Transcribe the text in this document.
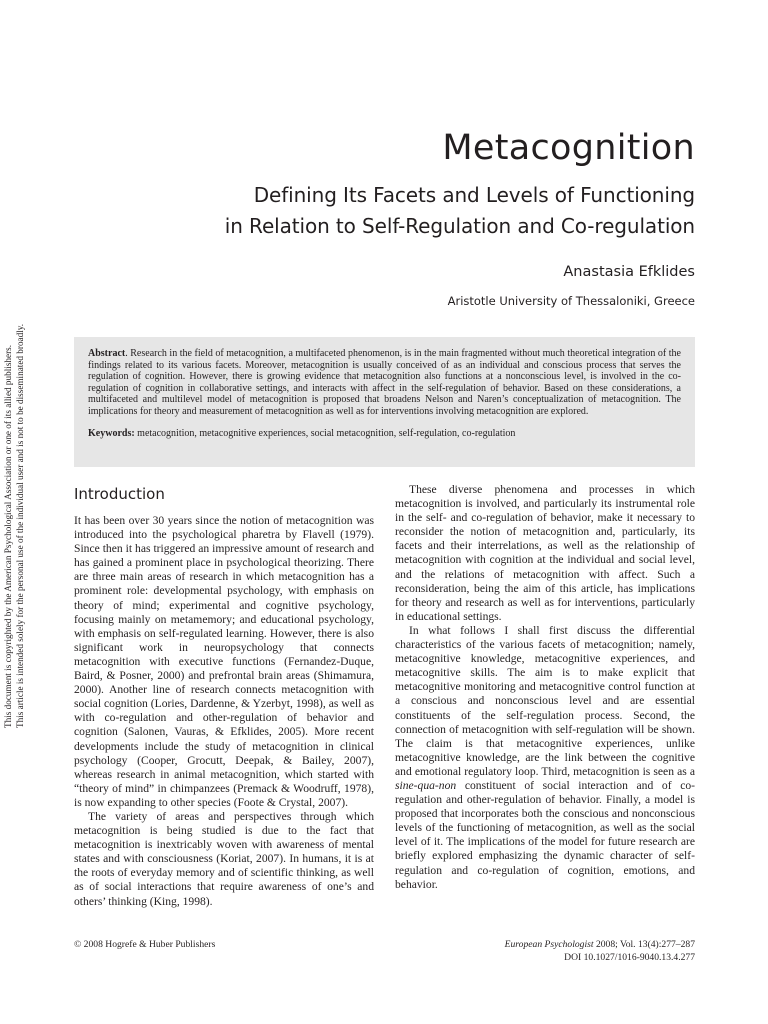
This document is copyrighted by the American Psychological Association or one of its allied publishers. This article is intended solely for the personal use of the individual user and is not to be disseminated broadly.
Metacognition
Defining Its Facets and Levels of Functioning
in Relation to Self-Regulation and Co-regulation
Anastasia Efklides
Aristotle University of Thessaloniki, Greece

Abstract. Research in the field of metacognition, a multifaceted phenomenon, is in the main fragmented without much theoretical integration of the findings related to its various facets. Moreover, metacognition is usually conceived of as an individual and conscious process that serves the regulation of cognition. However, there is growing evidence that metacognition also functions at a nonconscious level, is involved in the co-regulation of cognition in collaborative settings, and interacts with affect in the self-regulation of behavior. Based on these considerations, a multifaceted and multilevel model of metacognition is proposed that broadens Nelson and Naren’s conceptualization of metacognition. The implications for theory and measurement of metacognition as well as for interventions involving metacognition are explored.

Keywords: metacognition, metacognitive experiences, social metacognition, self-regulation, co-regulation

Introduction

It has been over 30 years since the notion of metacognition was introduced into the psychological pharetra by Flavell (1979). Since then it has triggered an impressive amount of research and has gained a prominent place in psychological theorizing. There are three main areas of research in which metacognition has a prominent role: developmental psychology, with emphasis on theory of mind; experimental and cognitive psychology, focusing mainly on metamemory; and educational psychology, with emphasis on self-regulated learning. However, there is also significant work in neuropsychology that connects metacognition with executive functions (Fernandez-Duque, Baird, & Posner, 2000) and prefrontal brain areas (Shimamura, 2000). Another line of research connects metacognition with social cognition (Lories, Dardenne, & Yzerbyt, 1998), as well as with co-regulation and other-regulation of behavior and cognition (Salonen, Vauras, & Efklides, 2005). More recent developments include the study of metacognition in clinical psychology (Cooper, Grocutt, Deepak, & Bailey, 2007), whereas research in animal metacognition, which started with “theory of mind” in chimpanzees (Premack & Woodruff, 1978), is now expanding to other species (Foote & Crystal, 2007).

The variety of areas and perspectives through which metacognition is being studied is due to the fact that metacognition is inextricably woven with awareness of mental states and with consciousness (Koriat, 2007). In humans, it is at the roots of everyday memory and of scientific thinking, as well as of social interactions that require awareness of one’s and others’ thinking (King, 1998).

These diverse phenomena and processes in which metacognition is involved, and particularly its instrumental role in the self- and co-regulation of behavior, make it necessary to reconsider the notion of metacognition and, particularly, its facets and their interrelations, as well as the relationship of metacognition with cognition at the individual and social level, and the relations of metacognition with affect. Such a reconsideration, being the aim of this article, has implications for theory and research as well as for interventions, particularly in educational settings.

In what follows I shall first discuss the differential characteristics of the various facets of metacognition; namely, metacognitive knowledge, metacognitive experiences, and metacognitive skills. The aim is to make explicit that metacognitive monitoring and metacognitive control function at a conscious and nonconscious level and are essential constituents of the self-regulation process. Second, the connection of metacognition with self-regulation will be shown. The claim is that metacognitive experiences, unlike metacognitive knowledge, are the link between the cognitive and emotional regulatory loop. Third, metacognition is seen as a sine-qua-non constituent of social interaction and of co-regulation and other-regulation of behavior. Finally, a model is proposed that incorporates both the conscious and nonconscious levels of the functioning of metacognition, as well as the social level of it. The implications of the model for future research are briefly explored emphasizing the dynamic character of self-regulation and co-regulation of cognition, emotions, and behavior.

© 2008 Hogrefe & Huber Publishers	European Psychologist 2008; Vol. 13(4):277–287
DOI 10.1027/1016-9040.13.4.277
